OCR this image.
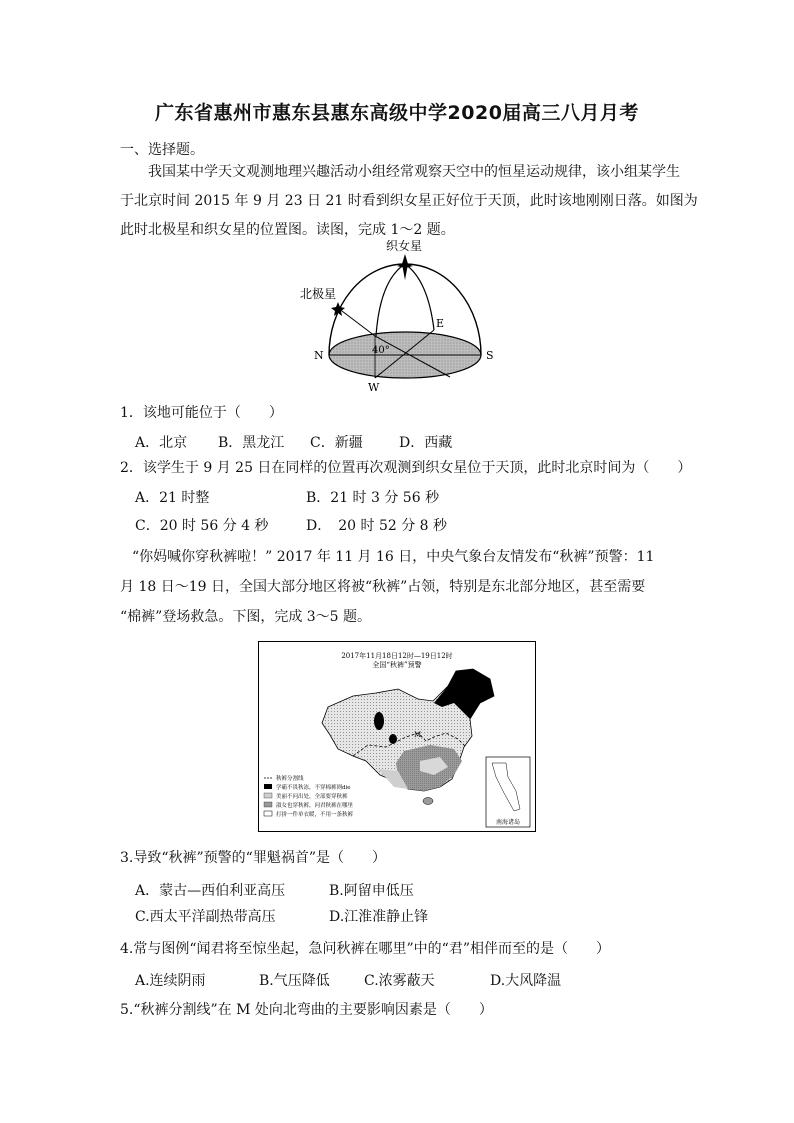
广东省惠州市惠东县惠东高级中学2020届高三八月月考
一、选择题。

我国某中学天文观测地理兴趣活动小组经常观察天空中的恒星运动规律，该小组某学生

于北京时间 2015 年 9 月 23 日 21 时看到织女星正好位于天顶，此时该地刚刚日落。如图为

此时北极星和织女星的位置图。读图，完成 1～2 题。

织女星
北极星
E
N	S
W
40°
1．该地可能位于（　　）
A．北京 B．黑龙江 C．新疆	D．西藏
2．该学生于 9 月 25 日在同样的位置再次观测到织女星位于天顶，此时北京时间为（　　）
A．21 时整	B．21 时 3 分 56 秒
C．20 时 56 分 4 秒	D．　20 时 52 分 8 秒

“你妈喊你穿秋裤啦！” 2017 年 11 月 16 日，中央气象台友情发布“秋裤”预警：11

月 18 日～19 日，全国大部分地区将被“秋裤”占领，特别是东北部分地区，甚至需要

“棉裤”登场救急。下图，完成 3～5 题。

2017年11月18日12时—19日12时
全国“秋裤”预警
M
南海诸岛
秋裤分割线
学霸不畏秋冻，不穿棉裤则die
美丽不问出处，全部要穿秋裤
淑女也穿秋裤，问君秋裤在哪里
打拼一件单衣暖，不用一条秋裤
3.导致“秋裤”预警的“罪魁祸首”是（　　）
A．蒙古—西伯利亚高压	B.阿留申低压
C.西太平洋副热带高压	D.江淮准静止锋
4.常与图例“闻君将至惊坐起，急问秋裤在哪里”中的“君”相伴而至的是（　　）
A.连续阴雨	B.气压降低 C.浓雾蔽天	D.大风降温
5.“秋裤分割线”在 M 处向北弯曲的主要影响因素是（　　）
